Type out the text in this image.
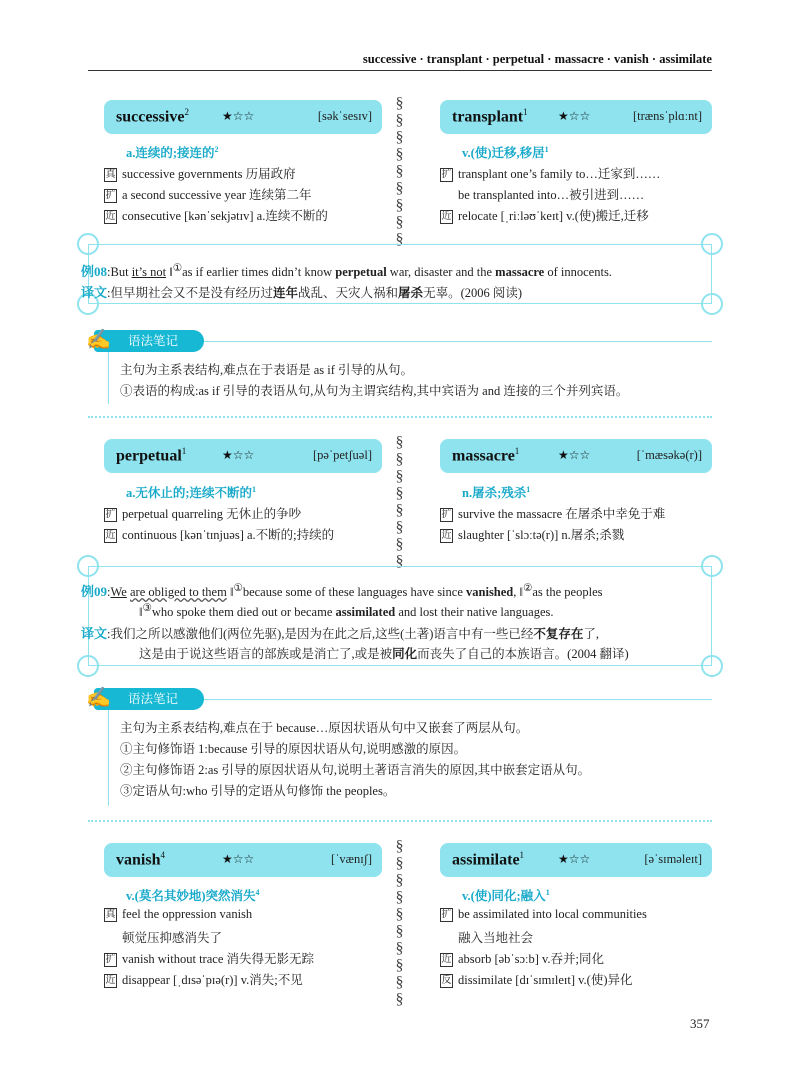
successive · transplant · perpetual · massacre · vanish · assimilate
successive$^2$	★☆☆	[səkˈsesɪv]
a.连续的;接连的$^2$
真 successive governments 历届政府
扩 a second successive year 连续第二年
近 consecutive [kənˈsekjətɪv] a.连续不断的	§§§§§§§§§	transplant$^1$	★☆☆	[trænsˈplɑːnt]
v.(使)迁移,移居$^1$
扩 transplant one’s family to…迁家到……
be transplanted into…被引进到……
近 relocate [ˌriːləʊˈkeɪt] v.(使)搬迁,迁移
例08:But it’s not ‖①as if earlier times didn’t know perpetual war, disaster and the massacre of innocents.
译文:但早期社会又不是没有经历过连年战乱、天灾人祸和屠杀无辜。(2006 阅读)
语法笔记
✍
主句为主系表结构,难点在于表语是 as if 引导的从句。
①表语的构成:as if 引导的表语从句,从句为主谓宾结构,其中宾语为 and 连接的三个并列宾语。
perpetual$^1$	★☆☆	[pəˈpetʃuəl]
a.无休止的;连续不断的$^1$
扩 perpetual quarreling 无休止的争吵
近 continuous [kənˈtɪnjuəs] a.不断的;持续的	§§§§§§§§	massacre$^1$	★☆☆	[ˈmæsəkə(r)]
n.屠杀;残杀$^1$
扩 survive the massacre 在屠杀中幸免于难
近 slaughter [ˈslɔːtə(r)] n.屠杀;杀戮
例09:We are obliged to them ‖①because some of these languages have since vanished, ‖②as the peoples
‖③who spoke them died out or became assimilated and lost their native languages.
译文:我们之所以感激他们(两位先驱),是因为在此之后,这些(土著)语言中有一些已经不复存在了,
这是由于说这些语言的部族或是消亡了,或是被同化而丧失了自己的本族语言。(2004 翻译)
语法笔记
✍
主句为主系表结构,难点在于 because…原因状语从句中又嵌套了两层从句。
①主句修饰语 1:because 引导的原因状语从句,说明感激的原因。
②主句修饰语 2:as 引导的原因状语从句,说明土著语言消失的原因,其中嵌套定语从句。
③定语从句:who 引导的定语从句修饰 the peoples。
vanish$^4$	★☆☆	[ˈvænɪʃ]
v.(莫名其妙地)突然消失$^4$
真 feel the oppression vanish
顿觉压抑感消失了
扩 vanish without trace 消失得无影无踪
近 disappear [ˌdɪsəˈpɪə(r)] v.消失;不见	§§§§§§§§§§	assimilate$^1$	★☆☆	[əˈsɪməleɪt]
v.(使)同化;融入$^1$
扩 be assimilated into local communities
融入当地社会
近 absorb [əbˈsɔːb] v.吞并;同化
反 dissimilate [dɪˈsɪmɪleɪt] v.(使)异化
357
